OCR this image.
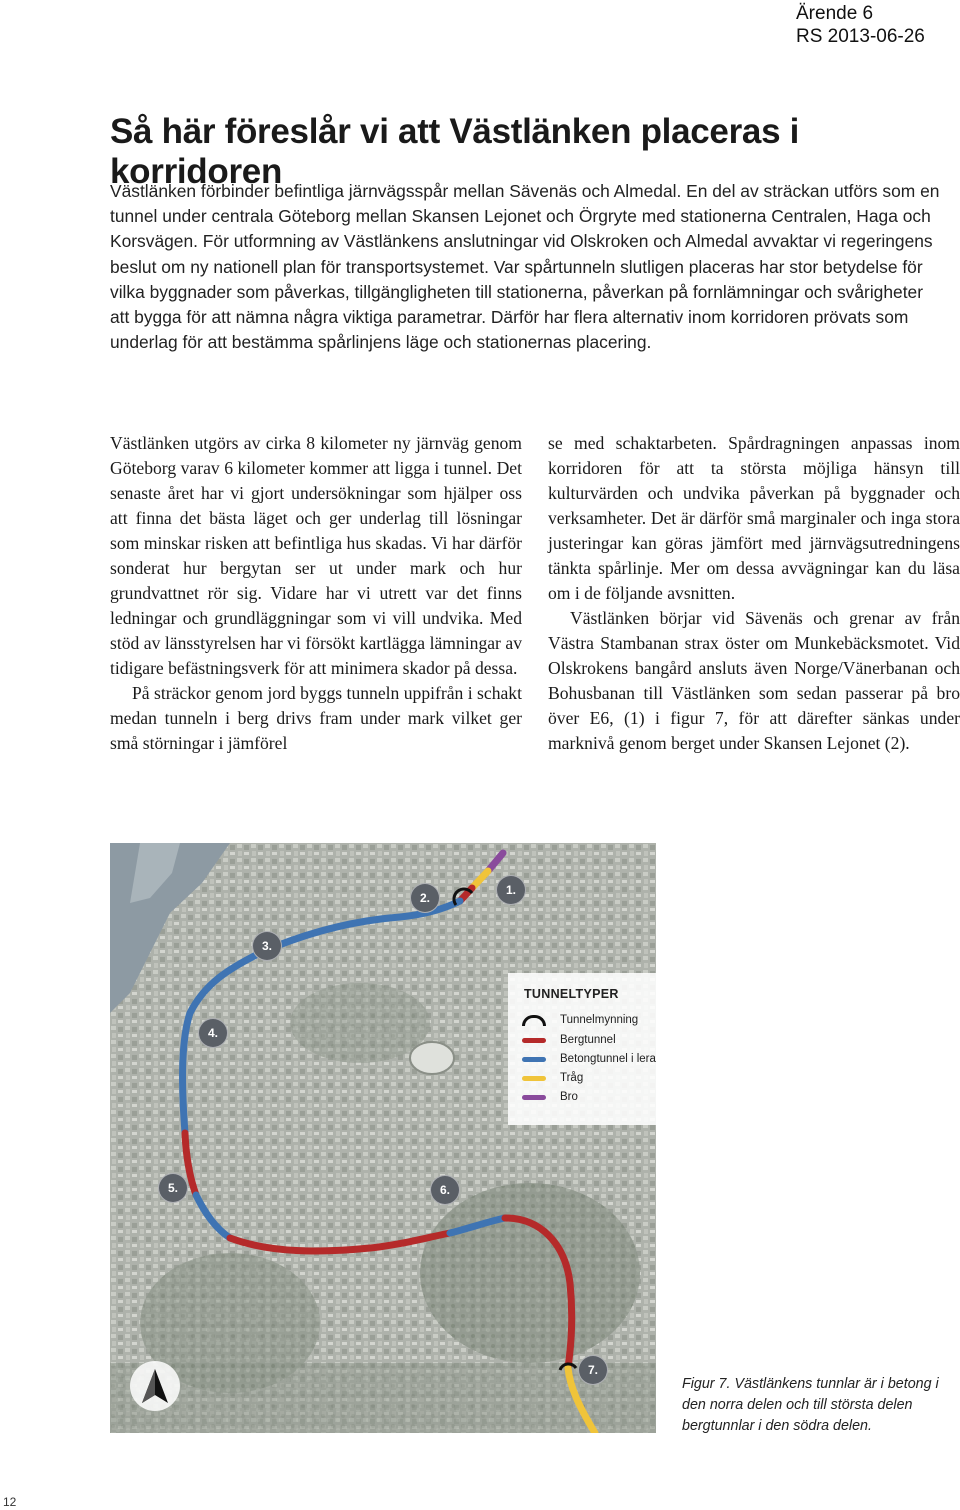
Ärende 6
RS 2013-06-26
Så här föreslår vi att Västlänken placeras i korridoren

Västlänken förbinder befintliga järnvägsspår mellan Sävenäs och Almedal. En del av sträckan utförs som en tunnel under centrala Göteborg mellan Skansen Lejonet och Örgryte med stationerna Centralen, Haga och Korsvägen. För utformning av Västlänkens anslutningar vid Olskroken och Almedal avvaktar vi regeringens beslut om ny nationell plan för transportsystemet. Var spårtunneln slutligen placeras har stor betydelse för vilka byggnader som påverkas, tillgängligheten till stationerna, påverkan på fornlämningar och svårigheter att bygga för att nämna några viktiga parametrar. Därför har flera alternativ inom korridoren prövats som underlag för att bestämma spårlinjens läge och stationernas placering.

Västlänken utgörs av cirka 8 kilometer ny järnväg genom Göteborg varav 6 kilometer kommer att ligga i tunnel. Det senaste året har vi gjort undersökningar som hjälper oss att finna det bästa läget och ger underlag till lösningar som minskar risken att befintliga hus skadas. Vi har därför sonderat hur bergytan ser ut under mark och hur grundvattnet rör sig. Vidare har vi utrett var det finns ledningar och grundläggningar som vi vill undvika. Med stöd av länsstyrelsen har vi försökt kartlägga lämningar av tidigare befästningsverk för att minimera skador på dessa.

På sträckor genom jord byggs tunneln uppifrån i schakt medan tunneln i berg drivs fram under mark vilket ger små störningar i jämförel

se med schaktarbeten. Spårdragningen anpassas inom korridoren för att ta största möjliga hänsyn till kulturvärden och undvika påverkan på byggnader och verksamheter. Det är därför små marginaler och inga stora justeringar kan göras jämfört med järnvägsutredningens tänkta spårlinje. Mer om dessa avvägningar kan du läsa om i de följande avsnitten.

Västlänken börjar vid Sävenäs och grenar av från Västra Stambanan strax öster om Munkebäcksmotet. Vid Olskrokens bangård ansluts även Norge/Vänerbanan och Bohusbanan till Västlänken som sedan passerar på bro över E6, (1) i figur 7, för att därefter sänkas under marknivå genom berget under Skansen Lejonet (2).

1.
2.
3.
4.
5.	6.
7.
TUNNELTYPER
Tunnelmynning
Bergtunnel
Betongtunnel i lera
Tråg
Bro

Figur 7. Västlänkens tunnlar är i betong i den norra delen och till största delen bergtunnlar i den södra delen.

12
